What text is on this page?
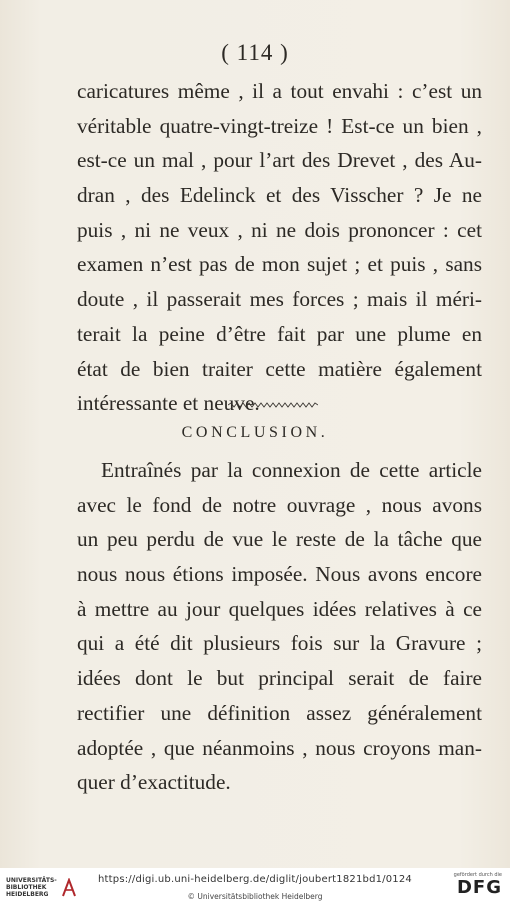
( 114 )
caricatures même , il a tout envahi : c’est un
véritable quatre-vingt-treize ! Est-ce un bien ,
est-ce un mal , pour l’art des Drevet , des Au-
dran , des Edelinck et des Visscher ? Je ne
puis , ni ne veux , ni ne dois prononcer : cet
examen n’est pas de mon sujet ; et puis , sans
doute , il passerait mes forces ; mais il méri-
terait la peine d’être fait par une plume en
état de bien traiter cette matière également
intéressante et neuve.
CONCLUSION.
Entraînés par la connexion de cette article
avec le fond de notre ouvrage , nous avons
un peu perdu de vue le reste de la tâche que
nous nous étions imposée. Nous avons encore
à mettre au jour quelques idées relatives à ce
qui a été dit plusieurs fois sur la Gravure ;
idées dont le but principal serait de faire
rectifier une définition assez généralement
adoptée , que néanmoins , nous croyons man-
quer d’exactitude.
UNIVERSITÄTS-
BIBLIOTHEK
HEIDELBERG
https://digi.ub.uni-heidelberg.de/diglit/joubert1821bd1/0124
© Universitätsbibliothek Heidelberg
gefördert durch die
DFG
